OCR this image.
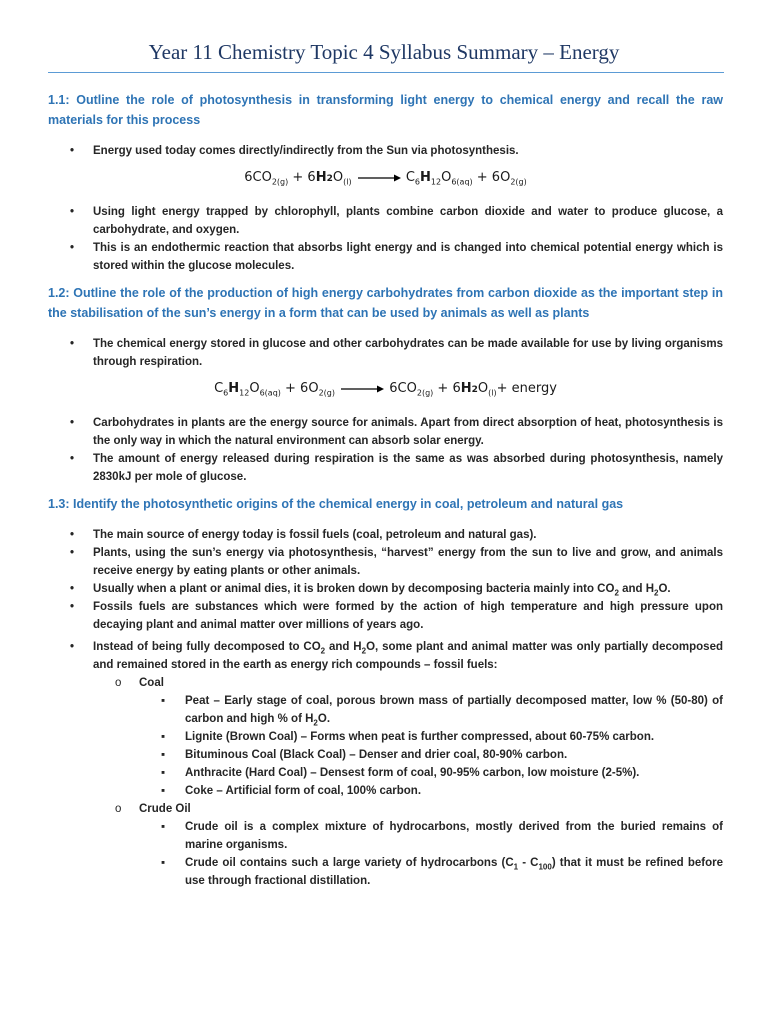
Year 11 Chemistry Topic 4 Syllabus Summary – Energy
1.1: Outline the role of photosynthesis in transforming light energy to chemical energy and recall the raw materials for this process
• Energy used today comes directly/indirectly from the Sun via photosynthesis.
$6CO_{2(g)} + 6H2O_{(l)} \to C_6H_{12}O_{6(aq)} + 6O_{2(g)}$
• Using light energy trapped by chlorophyll, plants combine carbon dioxide and water to produce glucose, a carbohydrate, and oxygen.
• This is an endothermic reaction that absorbs light energy and is changed into chemical potential energy which is stored within the glucose molecules.
1.2: Outline the role of the production of high energy carbohydrates from carbon dioxide as the important step in the stabilisation of the sun’s energy in a form that can be used by animals as well as plants
• The chemical energy stored in glucose and other carbohydrates can be made available for use by living organisms through respiration.
$C_6H_{12}O_{6(aq)} + 6O_{2(g)} \to 6CO_{2(g)} + 6H2O_{(l)}+$ energy
• Carbohydrates in plants are the energy source for animals. Apart from direct absorption of heat, photosynthesis is the only way in which the natural environment can absorb solar energy.
• The amount of energy released during respiration is the same as was absorbed during photosynthesis, namely 2830kJ per mole of glucose.
1.3: Identify the photosynthetic origins of the chemical energy in coal, petroleum and natural gas
• The main source of energy today is fossil fuels (coal, petroleum and natural gas).
• Plants, using the sun’s energy via photosynthesis, “harvest” energy from the sun to live and grow, and animals receive energy by eating plants or other animals.
• Usually when a plant or animal dies, it is broken down by decomposing bacteria mainly into $CO_2$ and $H_2O$.
• Fossils fuels are substances which were formed by the action of high temperature and high pressure upon decaying plant and animal matter over millions of years ago.
• Instead of being fully decomposed to $CO_2$ and $H_2O$, some plant and animal matter was only partially decomposed and remained stored in the earth as energy rich compounds – fossil fuels:
o Coal
▪ Peat – Early stage of coal, porous brown mass of partially decomposed matter, low % (50-80) of carbon and high % of $H_2O$.
▪ Lignite (Brown Coal) – Forms when peat is further compressed, about 60-75% carbon.
▪ Bituminous Coal (Black Coal) – Denser and drier coal, 80-90% carbon.
▪ Anthracite (Hard Coal) – Densest form of coal, 90-95% carbon, low moisture (2-5%).
▪ Coke – Artificial form of coal, 100% carbon.
o Crude Oil
▪ Crude oil is a complex mixture of hydrocarbons, mostly derived from the buried remains of marine organisms.
▪ Crude oil contains such a large variety of hydrocarbons $(C_1 - C_{100})$ that it must be refined before use through fractional distillation.
